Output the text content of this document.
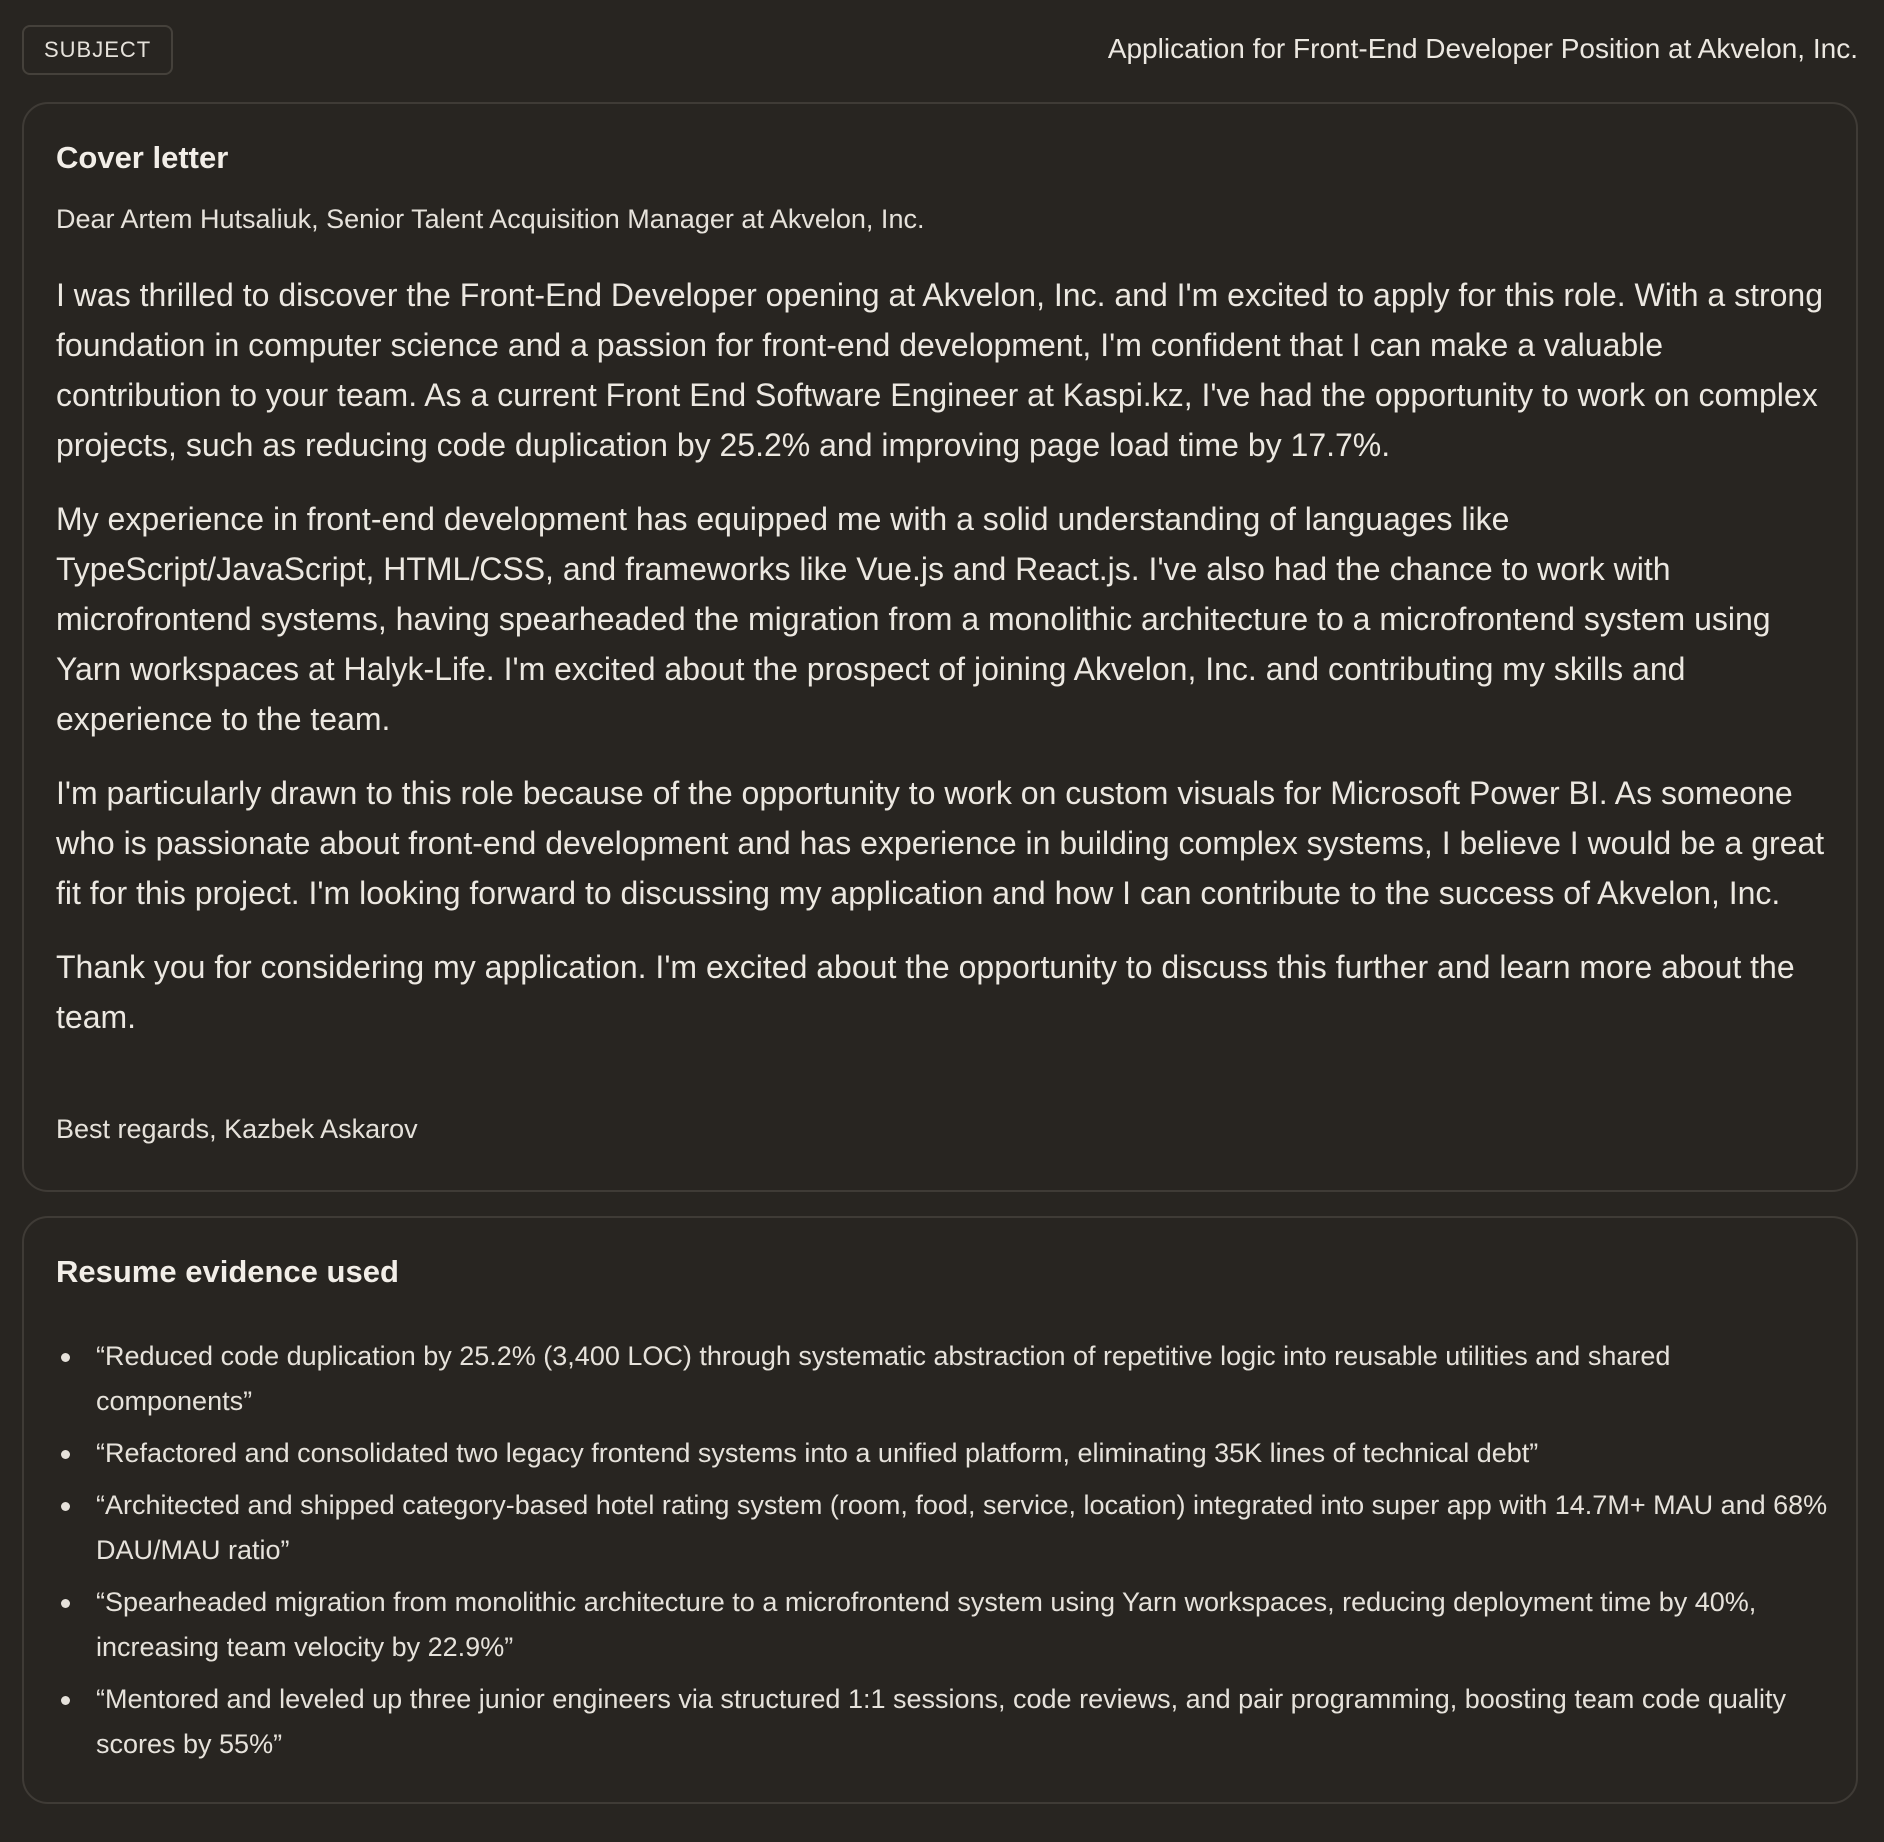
SUBJECT	Application for Front-End Developer Position at Akvelon, Inc.
Cover letter
Dear Artem Hutsaliuk, Senior Talent Acquisition Manager at Akvelon, Inc.

I was thrilled to discover the Front-End Developer opening at Akvelon, Inc. and I'm excited to apply for this role. With a strong foundation in computer science and a passion for front-end development, I'm confident that I can make a valuable contribution to your team. As a current Front End Software Engineer at Kaspi.kz, I've had the opportunity to work on complex projects, such as reducing code duplication by 25.2% and improving page load time by 17.7%.

My experience in front-end development has equipped me with a solid understanding of languages like TypeScript/JavaScript, HTML/CSS, and frameworks like Vue.js and React.js. I've also had the chance to work with microfrontend systems, having spearheaded the migration from a monolithic architecture to a microfrontend system using Yarn workspaces at Halyk-Life. I'm excited about the prospect of joining Akvelon, Inc. and contributing my skills and experience to the team.

I'm particularly drawn to this role because of the opportunity to work on custom visuals for Microsoft Power BI. As someone who is passionate about front-end development and has experience in building complex systems, I believe I would be a great fit for this project. I'm looking forward to discussing my application and how I can contribute to the success of Akvelon, Inc.

Thank you for considering my application. I'm excited about the opportunity to discuss this further and learn more about the team.

Best regards, Kazbek Askarov
Resume evidence used
“Reduced code duplication by 25.2% (3,400 LOC) through systematic abstraction of repetitive logic into reusable utilities and shared components”
“Refactored and consolidated two legacy frontend systems into a unified platform, eliminating 35K lines of technical debt”
“Architected and shipped category-based hotel rating system (room, food, service, location) integrated into super app with 14.7M+ MAU and 68% DAU/MAU ratio”
“Spearheaded migration from monolithic architecture to a microfrontend system using Yarn workspaces, reducing deployment time by 40%, increasing team velocity by 22.9%”
“Mentored and leveled up three junior engineers via structured 1:1 sessions, code reviews, and pair programming, boosting team code quality scores by 55%”
